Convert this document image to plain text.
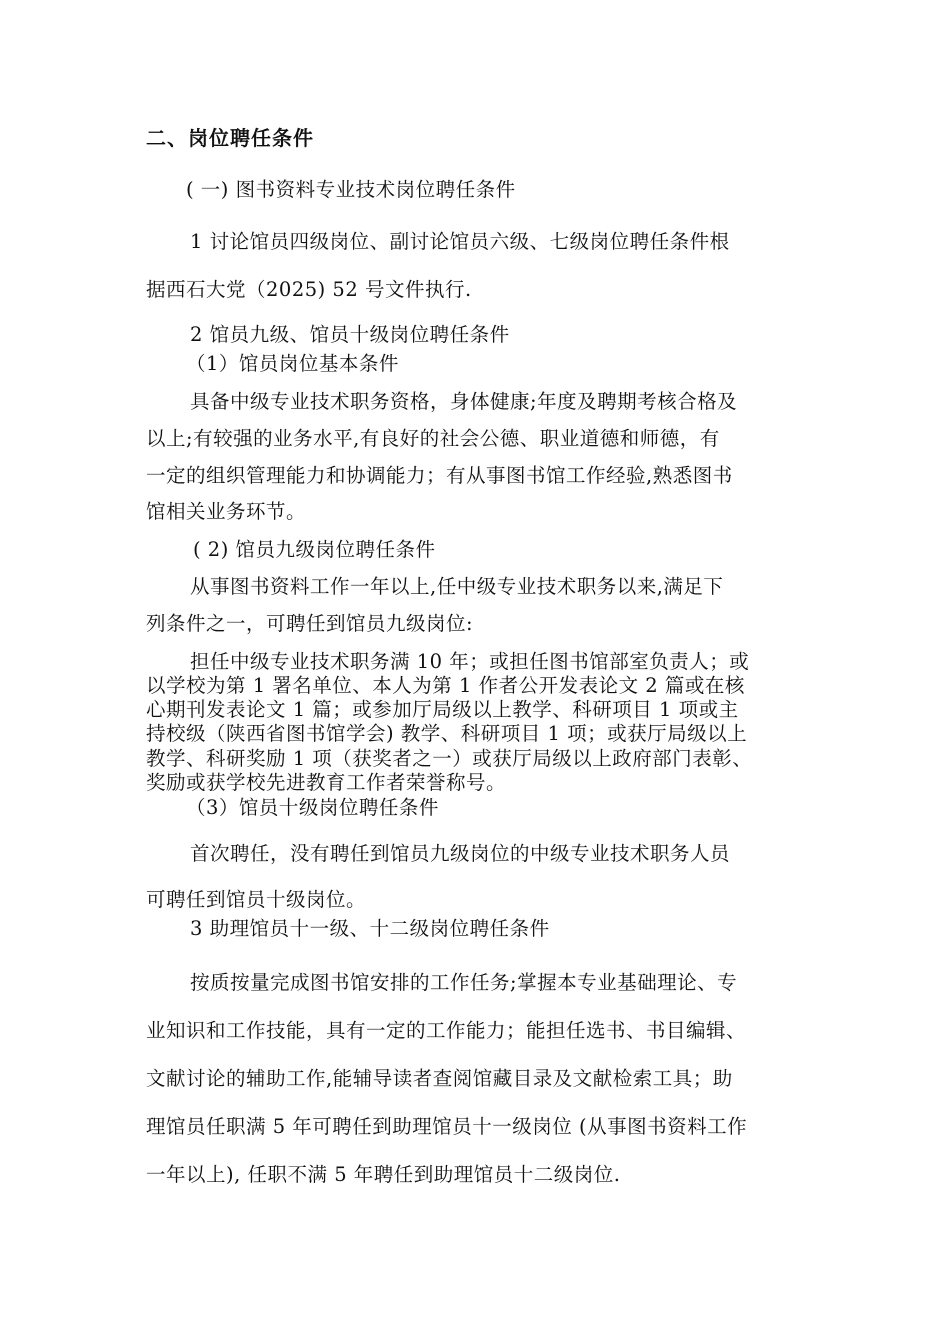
二、岗位聘任条件
( 一) 图书资料专业技术岗位聘任条件
1 讨论馆员四级岗位、副讨论馆员六级、七级岗位聘任条件根
据西石大党（2025) 52 号文件执行.
2 馆员九级、馆员十级岗位聘任条件
（1）馆员岗位基本条件
具备中级专业技术职务资格，身体健康;年度及聘期考核合格及
以上;有较强的业务水平,有良好的社会公德、职业道德和师德，有
一定的组织管理能力和协调能力；有从事图书馆工作经验,熟悉图书
馆相关业务环节。
( 2) 馆员九级岗位聘任条件
从事图书资料工作一年以上,任中级专业技术职务以来,满足下
列条件之一，可聘任到馆员九级岗位:
担任中级专业技术职务满 10 年；或担任图书馆部室负责人；或
以学校为第 1 署名单位、本人为第 1 作者公开发表论文 2 篇或在核
心期刊发表论文 1 篇；或参加厅局级以上教学、科研项目 1 项或主
持校级（陕西省图书馆学会) 教学、科研项目 1 项；或获厅局级以上
教学、科研奖励 1 项（获奖者之一）或获厅局级以上政府部门表彰、
奖励或获学校先进教育工作者荣誉称号。
（3）馆员十级岗位聘任条件
首次聘任，没有聘任到馆员九级岗位的中级专业技术职务人员
可聘任到馆员十级岗位。
3 助理馆员十一级、十二级岗位聘任条件
按质按量完成图书馆安排的工作任务;掌握本专业基础理论、专
业知识和工作技能，具有一定的工作能力；能担任选书、书目编辑、
文献讨论的辅助工作,能辅导读者查阅馆藏目录及文献检索工具；助
理馆员任职满 5 年可聘任到助理馆员十一级岗位 (从事图书资料工作
一年以上), 任职不满 5 年聘任到助理馆员十二级岗位.
